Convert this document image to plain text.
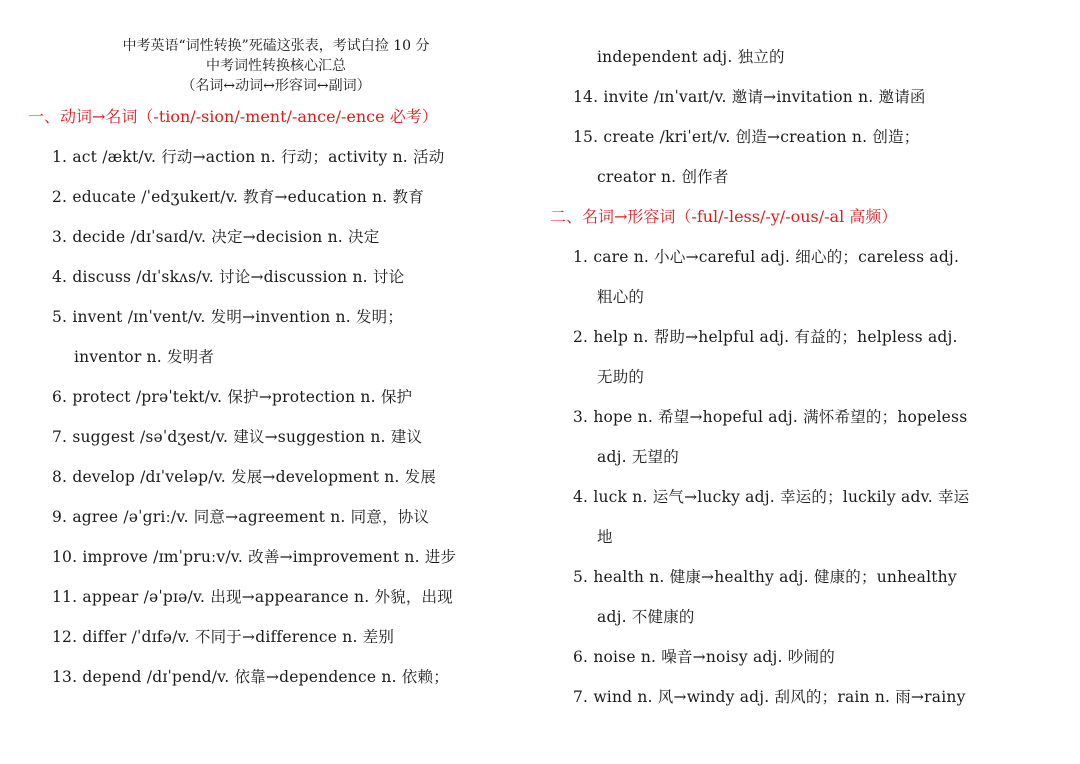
中考英语“词性转换”死磕这张表，考试白捡 10 分

中考词性转换核心汇总

（名词↔动词↔形容词↔副词）

一、动词→名词（-tion/-sion/-ment/-ance/-ence 必考）

1. act /ækt/v. 行动→action n. 行动；activity n. 活动

2. educate /ˈedʒukeɪt/v. 教育→education n. 教育

3. decide /dɪˈsaɪd/v. 决定→decision n. 决定

4. discuss /dɪˈskʌs/v. 讨论→discussion n. 讨论

5. invent /ɪnˈvent/v. 发明→invention n. 发明；

inventor n. 发明者

6. protect /prəˈtekt/v. 保护→protection n. 保护

7. suggest /səˈdʒest/v. 建议→suggestion n. 建议

8. develop /dɪˈveləp/v. 发展→development n. 发展

9. agree /əˈgriː/v. 同意→agreement n. 同意，协议

10. improve /ɪmˈpruːv/v. 改善→improvement n. 进步

11. appear /əˈpɪə/v. 出现→appearance n. 外貌，出现

12. differ /ˈdɪfə/v. 不同于→difference n. 差别

13. depend /dɪˈpend/v. 依靠→dependence n. 依赖；

independent adj. 独立的

14. invite /ɪnˈvaɪt/v. 邀请→invitation n. 邀请函

15. create /kriˈeɪt/v. 创造→creation n. 创造；

creator n. 创作者

二、名词→形容词（-ful/-less/-y/-ous/-al 高频）

1. care n. 小心→careful adj. 细心的；careless adj.

粗心的

2. help n. 帮助→helpful adj. 有益的；helpless adj.

无助的

3. hope n. 希望→hopeful adj. 满怀希望的；hopeless

adj. 无望的

4. luck n. 运气→lucky adj. 幸运的；luckily adv. 幸运

地

5. health n. 健康→healthy adj. 健康的；unhealthy

adj. 不健康的

6. noise n. 噪音→noisy adj. 吵闹的

7. wind n. 风→windy adj. 刮风的；rain n. 雨→rainy
